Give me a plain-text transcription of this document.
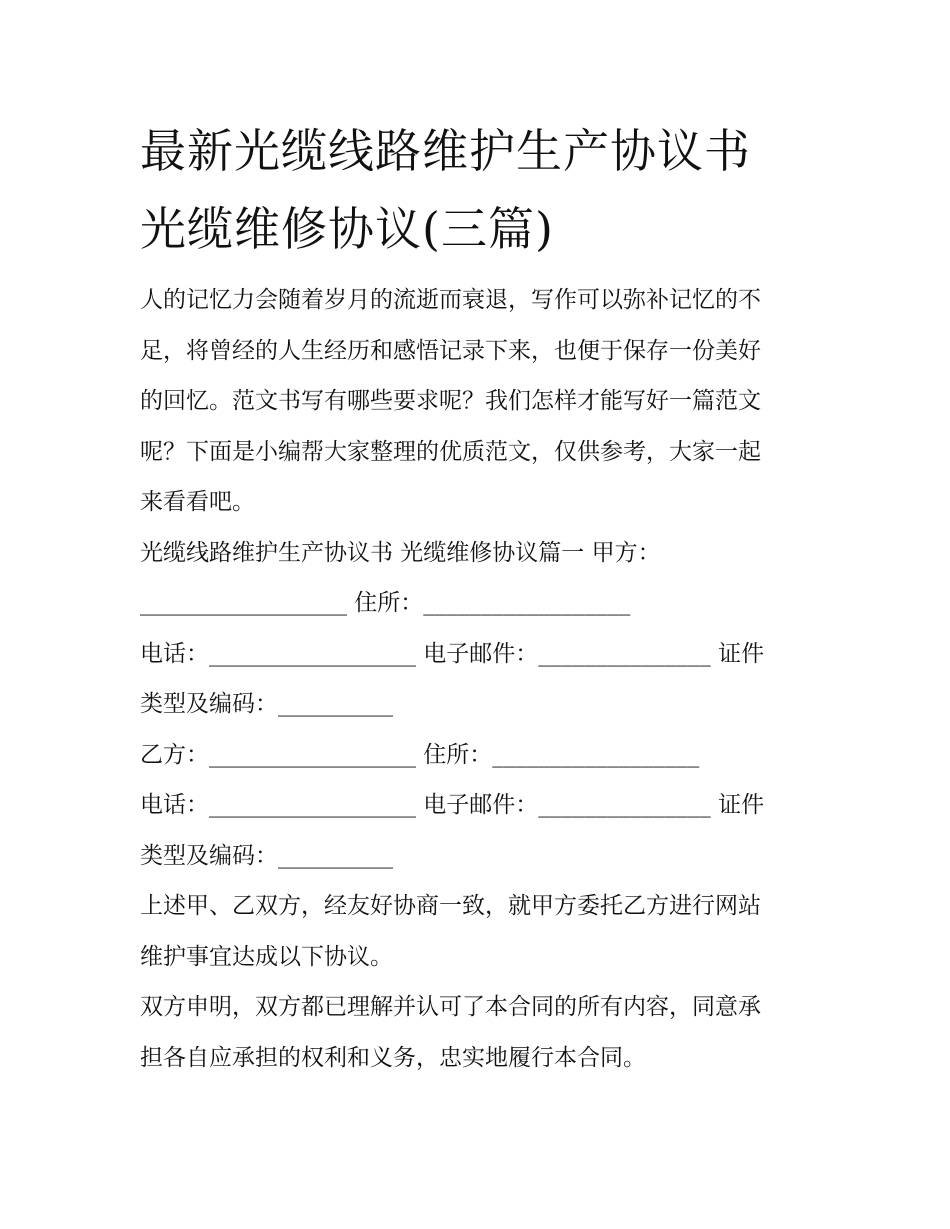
最新光缆线路维护生产协议书
光缆维修协议(三篇)

人的记忆力会随着岁月的流逝而衰退，写作可以弥补记忆的不
足，将曾经的人生经历和感悟记录下来，也便于保存一份美好
的回忆。范文书写有哪些要求呢？我们怎样才能写好一篇范文
呢？下面是小编帮大家整理的优质范文，仅供参考，大家一起
来看看吧。

光缆线路维护生产协议书 光缆维修协议篇一 甲方：

__________________ 住所：__________________

电话：__________________ 电子邮件：_______________ 证件
类型及编码：__________

乙方：__________________ 住所：__________________

电话：__________________ 电子邮件：_______________ 证件
类型及编码：__________

上述甲、乙双方，经友好协商一致，就甲方委托乙方进行网站
维护事宜达成以下协议。

双方申明，双方都已理解并认可了本合同的所有内容，同意承
担各自应承担的权利和义务，忠实地履行本合同。
